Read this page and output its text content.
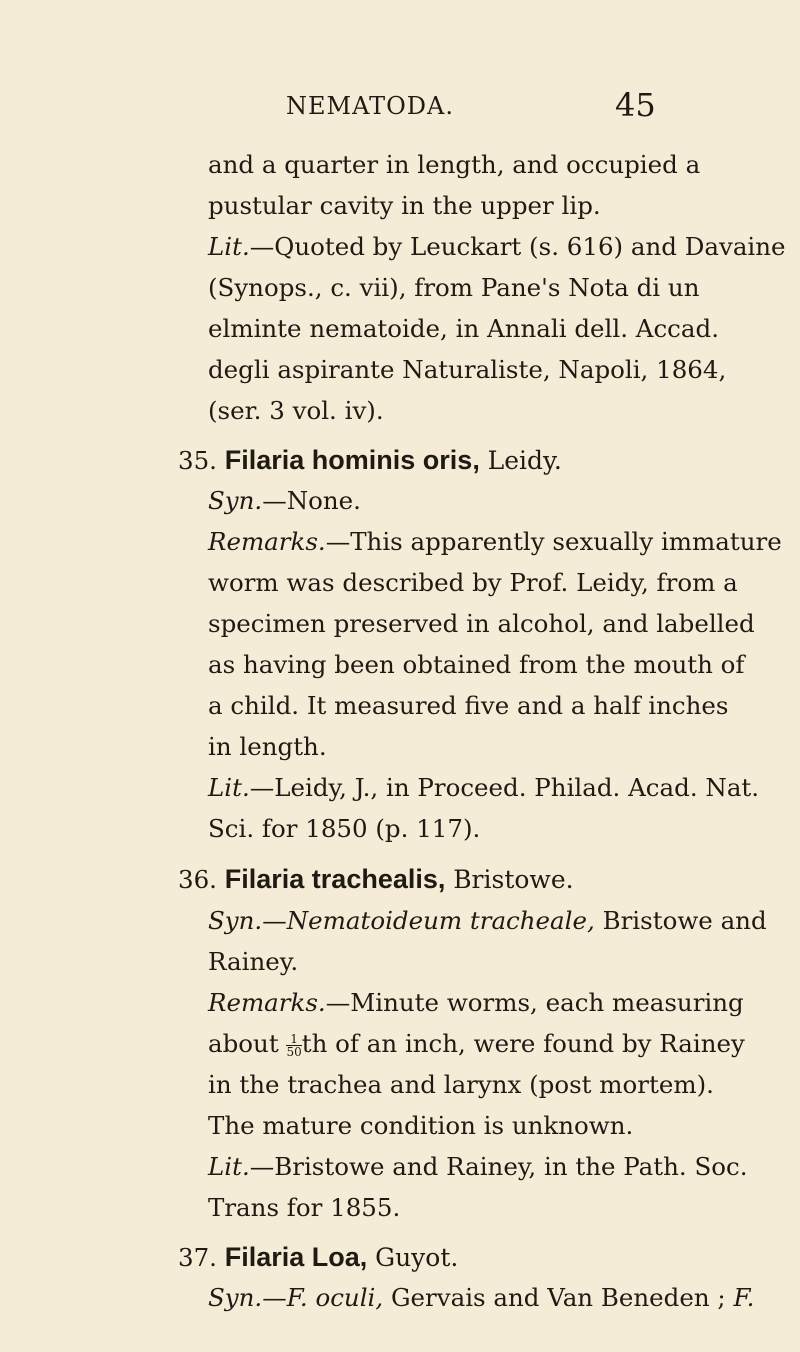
NEMATODA.	45
and a quarter in length, and occupied a
pustular cavity in the upper lip.
Lit.—Quoted by Leuckart (s. 616) and Davaine
(Synops., c. vii), from Pane's Nota di un
elminte nematoide, in Annali dell. Accad.
degli aspirante Naturaliste, Napoli, 1864,
(ser. 3 vol. iv).
35. Filaria hominis oris, Leidy.
Syn.—None.
Remarks.—This apparently sexually immature
worm was described by Prof. Leidy, from a
specimen preserved in alcohol, and labelled
as having been obtained from the mouth of
a child. It measured five and a half inches
in length.
Lit.—Leidy, J., in Proceed. Philad. Acad. Nat.
Sci. for 1850 (p. 117).
36. Filaria trachealis, Bristowe.
Syn.—Nematoideum tracheale, Bristowe and
Rainey.
Remarks.—Minute worms, each measuring
about $\frac{1}{50}$ th of an inch, were found by Rainey
in the trachea and larynx (post mortem).
The mature condition is unknown.
Lit.—Bristowe and Rainey, in the Path. Soc.
Trans for 1855.
37. Filaria Loa, Guyot.
Syn.—F. oculi, Gervais and Van Beneden ; F.
